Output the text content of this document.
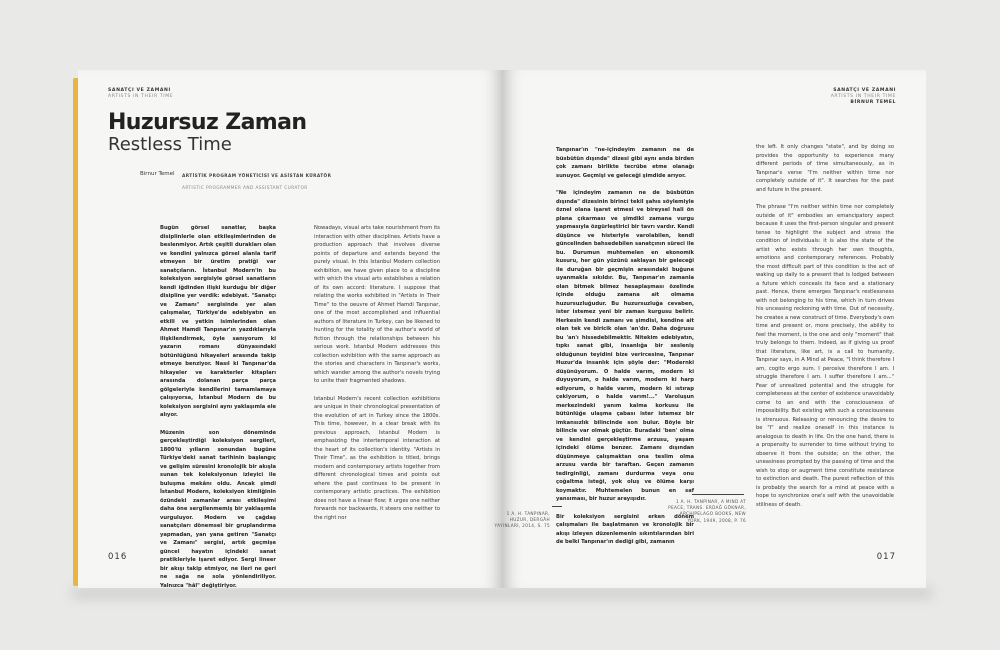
SANATÇI VE ZAMANI
ARTISTS IN THEIR TIME
Huzursuz Zaman
Restless Time
Birnur Temel ARTİSTİK PROGRAM YÖNETİCİSİ VE ASİSTAN KÜRATÖR
ARTISTIC PROGRAMMER AND ASSISTANT CURATOR

Bugün görsel sanatlar, başka disiplinlerle olan etkileşimlerinden de beslenmiyor. Artık çeşitli durakları olan ve kendini yalnızca görsel alanla tarif etmeyen bir üretim pratiği var sanatçıların. İstanbul Modern'in bu koleksiyon sergisiyle görsel sanatların kendi iğdinden ilişki kurduğu bir diğer disipline yer verdik: edebiyat. "Sanatçı ve Zamanı" sergisinde yer alan çalışmalar, Türkiye'de edebiyatın en etkili ve yetkin isimlerinden olan Ahmet Hamdi Tanpınar'ın yazdıklarıyla ilişkilendirmek, öyle sanıyorum ki yazarın romanı dünyasındaki bütünlüğünü hikayeleri arasında takip etmeye benziyor. Nasıl ki Tanpınar'da hikayeler ve karakterler kitapları arasında dolanan parça parça gölgeleriyle kendilerini tamamlamaya çalışıyorsa, İstanbul Modern de bu koleksiyon sergisini aynı yaklaşımla ele alıyor.

Müzenin son döneminde gerçekleştirdiği koleksiyon sergileri, 1800'lü yılların sonundan bugüne Türkiye'deki sanat tarihinin başlangıç ve gelişim süresini kronolojik bir akışla sunan tek koleksiyonun izleyici ile buluşma mekânı oldu. Ancak şimdi İstanbul Modern, koleksiyon kimliğinin özündeki zamanlar arası etkileşimi daha öne sergilenmemiş bir yaklaşımla vurguluyor. Modern ve çağdaş sanatçıları dönemsel bir gruplandırma yapmadan, yan yana getiren "Sanatçı ve Zamanı" sergisi, artık geçmişe güncel hayatın içindeki sanat pratikleriyle işaret ediyor. Sergi lineer bir akışı takip etmiyor, ne ileri ne geri ne sağa ne sola yönlendiriliyor. Yalnızca "hâl" değiştiriyor.

Nowadays, visual arts take nourishment from its interaction with other disciplines. Artists have a production approach that involves diverse points of departure and extends beyond the purely visual. In this Istanbul Modern collection exhibition, we have given place to a discipline with which the visual arts establishes a relation of its own accord: literature. I suppose that relating the works exhibited in "Artists in Their Time" to the oeuvre of Ahmet Hamdi Tanpınar, one of the most accomplished and influential authors of literature in Turkey, can be likened to hunting for the totality of the author's world of fiction through the relationships between his serious work. Istanbul Modern addresses this collection exhibition with the same approach as the stories and characters in Tanpınar's works, which wander among the author's novels trying to unite their fragmented shadows.

Istanbul Modern's recent collection exhibitions are unique in their chronological presentation of the evolution of art in Turkey since the 1800s. This time, however, in a clear break with its previous approach, Istanbul Modern is emphasizing the intertemporal interaction at the heart of its collection's identity. "Artists in Their Time", as the exhibition is titled, brings modern and contemporary artists together from different chronological times and points out where the past continues to be present in contemporary artistic practices. The exhibition does not have a linear flow; it urges one neither forwards nor backwards, it steers one neither to the right nor

016
SANATÇI VE ZAMANI
ARTISTS IN THEIR TIME
BİRNUR TEMEL

Tanpınar'ın "ne-içindeyim zamanın ne de büsbütün dışında" dizesi gibi aynı anda birden çok zamanı birlikte tecrübe etme olanağı sunuyor. Geçmişi ve geleceği şimdide arıyor.

"Ne içindeyim zamanın ne de büsbütün dışında" dizesinin birinci tekil şahıs söylemiyle öznel olana işaret etmesi ve bireysel hali ön plana çıkarması ve şimdiki zamana vurgu yapmasıyla özgürleştirici bir tavrı vardır. Kendi düşünce ve histeriyle varolabilen, kendi güncelinden bahsedebilen sanatçının süreci ile bu. Durumun muhtemelen en ekonomik kusuru, her gün yüzünü saklayan bir geleceği ile duruğan bir geçmişin arasındaki buğune uyanmakla sıkıldır. Bu, Tanpınar'ın zamanla olan bitmek bilmez hesaplaşması özelinde içinde olduğu zamana ait olmama huzursuzluğudur. Bu huzursuzluğa cevaben, ister istemez yeni bir zaman kurgusu belirir. Herkesin kendi zamanı ve şimdisi, kendine ait olan tek ve biricik olan 'an'dır. Daha doğrusu bu 'an'ı hissedebilmektir. Nitekim edebiyatın, tıpkı sanat gibi, insanlığa bir sesleniş olduğunun teyidini bize verircesine, Tanpınar Huzur'da insanlık için şöyle der: "Modernki düşünüyorum. O halde varım, modern ki duyuyorum, o halde varım, modern ki harp ediyorum, o halde varım, modern ki ıstırap çekiyorum, o halde varım!..." Varoluşun merkezindeki yanım kalma korkusu ile bütünlüğe ulaşma çabası ister istemez bir imkansızlık bilincinde son bulur. Böyle bir bilincle var olmak güçtür. Buradaki 'ben' olma ve kendini gerçekleştirme arzusu, yaşam içindeki ölüme benzer. Zamanı dışından düşünmeye çalışmaktan ona teslim olma arzusu varda bir taraftan. Geçen zamanın tedirginliği, zamanı durdurma veya onu çoğaltma isteği, yok oluş ve ölüme karşı koymaktır. Muhtemelen bunun en saf yansıması, bir huzur arayışıdır.

Bir koleksiyon sergisini erken dönem çalışmaları ile başlatmanın ve kronolojik bir akışı izleyen düzenlemenin sıkıntılarından biri de belki Tanpınar'ın dediği gibi, zamanın

the left. It only changes "state", and by doing so provides the opportunity to experience many different periods of time simultaneously, as in Tanpınar's verse "I'm neither within time nor completely outside of it". It searches for the past and future in the present.

The phrase "I'm neither within time nor completely outside of it" embodies an emancipatory aspect because it uses the first-person singular and present tense to highlight the subject and stress the condition of individuals: it is also the state of the artist who exists through her own thoughts, emotions and contemporary references. Probably the most difficult part of this condition is the act of waking up daily to a present that is lodged between a future which conceals its face and a stationary past. Hence, there emerges Tanpınar's restlessness with not belonging to his time, which in turn drives his unceasing reckoning with time. Out of necessity, he creates a new construct of time. Everybody's own time and present or, more precisely, the ability to feel the moment, is the one and only "moment" that truly belongs to them. Indeed, as if giving us proof that literature, like art, is a call to humanity, Tanpınar says, in A Mind at Peace, "I think therefore I am, cogito ergo sum. I perceive therefore I am. I struggle therefore I am. I suffer therefore I am..." Fear of unrealized potential and the struggle for completeness at the center of existence unavoidably come to an end with the consciousness of impossibility. But existing with such a consciousness is strenuous. Releasing or renouncing the desire to be "I" and realize oneself in this instance is analogous to death in life. On the one hand, there is a propensity to surrender to time without trying to observe it from the outside; on the other, the uneasiness prompted by the passing of time and the wish to stop or augment time constitute resistance to extinction and death. The purest reflection of this is probably the search for a mind at peace with a hope to synchronize one's self with the unavoidable stillness of death.

1 A. H. TANPINAR, HUZUR, DERGÂH YAYINLARI, 2014, S. 75
1 A. H. TANPINAR, A MIND AT PEACE, TRANS. ERDAĞ GÖKNAR, ARCHIPELAGO BOOKS, NEW YORK, 1949, 2008, P. 76
017
